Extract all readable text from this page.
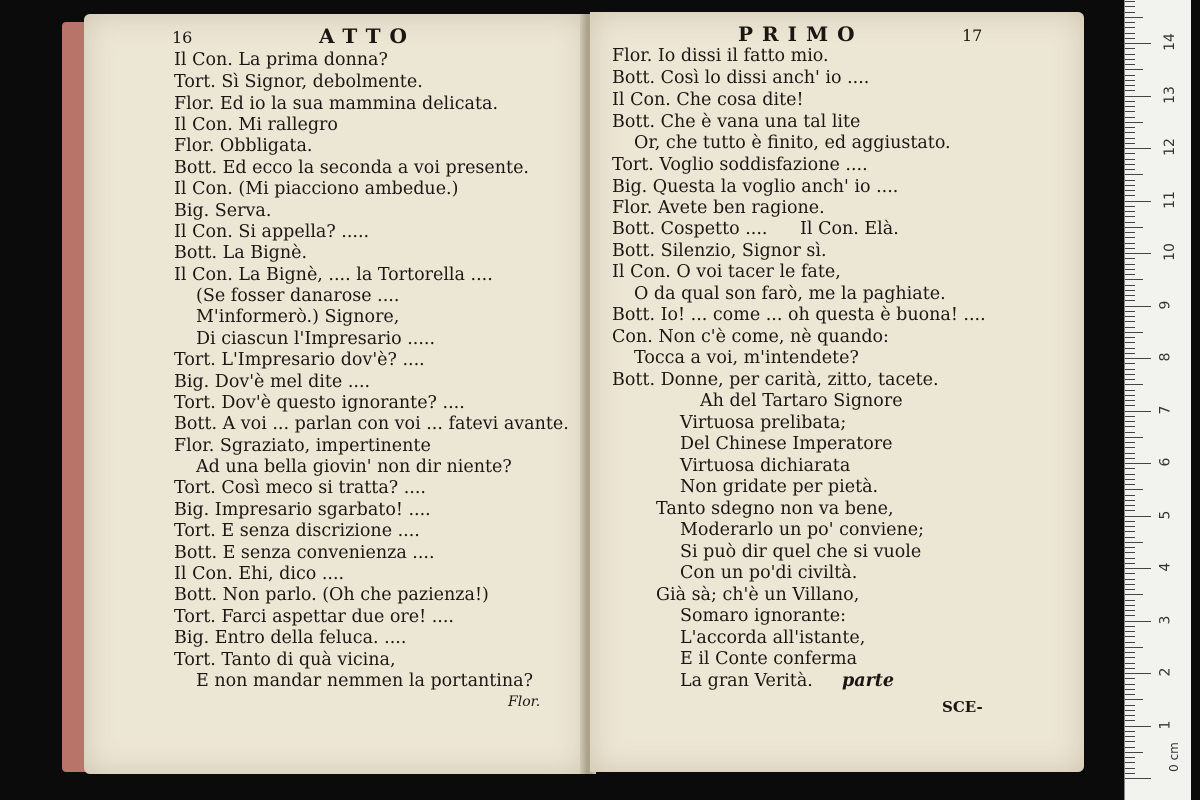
16	ATTO
Il Con. La prima donna?
Tort. Sì Signor, debolmente.
Flor. Ed io la sua mammina delicata.
Il Con. Mi rallegro
Flor. Obbligata.
Bott. Ed ecco la seconda a voi presente.
Il Con. (Mi piacciono ambedue.)
Big. Serva.
Il Con. Si appella? .....
Bott. La Bignè.
Il Con. La Bignè, .... la Tortorella ....
(Se fosser danarose ....
M'informerò.) Signore,
Di ciascun l'Impresario .....
Tort. L'Impresario dov'è? ....
Big. Dov'è mel dite ....
Tort. Dov'è questo ignorante? ....
Bott. A voi ... parlan con voi ... fatevi avante.
Flor. Sgraziato, impertinente
Ad una bella giovin' non dir niente?
Tort. Così meco si tratta? ....
Big. Impresario sgarbato! ....
Tort. E senza discrizione ....
Bott. E senza convenienza ....
Il Con. Ehi, dico ....
Bott. Non parlo. (Oh che pazienza!)
Tort. Farci aspettar due ore! ....
Big. Entro della feluca. ....
Tort. Tanto di quà vicina,
E non mandar nemmen la portantina?
Flor.
PRIMO	17
Flor. Io dissi il fatto mio.
Bott. Così lo dissi anch' io ....
Il Con. Che cosa dite!
Bott. Che è vana una tal lite
Or, che tutto è finito, ed aggiustato.
Tort. Voglio soddisfazione ....
Big. Questa la voglio anch' io ....
Flor. Avete ben ragione.
Bott. Cospetto .... Il Con. Elà.
Bott. Silenzio, Signor sì.
Il Con. O voi tacer le fate,
O da qual son farò, me la paghiate.
Bott. Io! ... come ... oh questa è buona! ....
Con. Non c'è come, nè quando:
Tocca a voi, m'intendete?
Bott. Donne, per carità, zitto, tacete.
Ah del Tartaro Signore
Virtuosa prelibata;
Del Chinese Imperatore
Virtuosa dichiarata
Non gridate per pietà.
Tanto sdegno non va bene,
Moderarlo un po' conviene;
Si può dir quel che si vuole
Con un po'di civiltà.
Già sà; ch'è un Villano,
Somaro ignorante:
L'accorda all'istante,
E il Conte conferma
La gran Verità. parte
SCE-
0 cm
1
2
3
4
5
6
7
8
9
10
11
12
13
14
